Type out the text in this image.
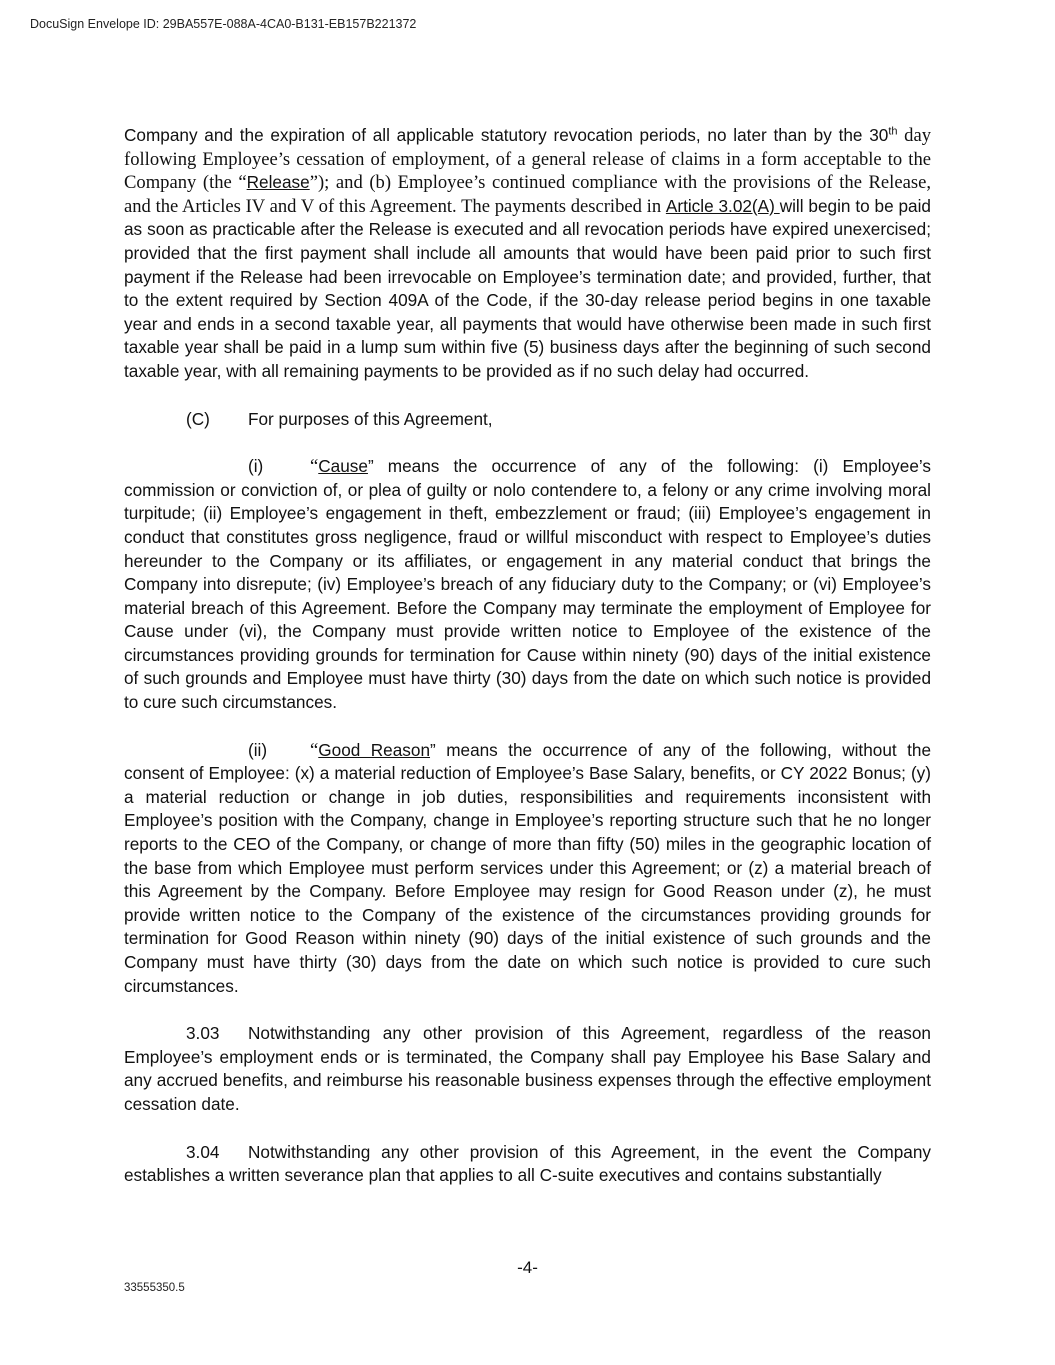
DocuSign Envelope ID: 29BA557E-088A-4CA0-B131-EB157B221372

Company and the expiration of all applicable statutory revocation periods, no later than by the 30th day following Employee’s cessation of employment, of a general release of claims in a form acceptable to the Company (the “Release”); and (b) Employee’s continued compliance with the provisions of the Release, and the Articles IV and V of this Agreement. The payments described in Article 3.02(A) will begin to be paid as soon as practicable after the Release is executed and all revocation periods have expired unexercised; provided that the first payment shall include all amounts that would have been paid prior to such first payment if the Release had been irrevocable on Employee’s termination date; and provided, further, that to the extent required by Section 409A of the Code, if the 30-day release period begins in one taxable year and ends in a second taxable year, all payments that would have otherwise been made in such first taxable year shall be paid in a lump sum within five (5) business days after the beginning of such second taxable year, with all remaining payments to be provided as if no such delay had occurred.

(C) For purposes of this Agreement,

(i)	“Cause” means the occurrence of any of the following: (i) Employee’s commission or conviction of, or plea of guilty or nolo contendere to, a felony or any crime involving moral turpitude; (ii) Employee’s engagement in theft, embezzlement or fraud; (iii) Employee’s engagement in conduct that constitutes gross negligence, fraud or willful misconduct with respect to Employee’s duties hereunder to the Company or its affiliates, or engagement in any material conduct that brings the Company into disrepute; (iv) Employee’s breach of any fiduciary duty to the Company; or (vi) Employee’s material breach of this Agreement. Before the Company may terminate the employment of Employee for Cause under (vi), the Company must provide written notice to Employee of the existence of the circumstances providing grounds for termination for Cause within ninety (90) days of the initial existence of such grounds and Employee must have thirty (30) days from the date on which such notice is provided to cure such circumstances.

(ii) “Good Reason” means the occurrence of any of the following, without the consent of Employee: (x) a material reduction of Employee’s Base Salary, benefits, or CY 2022 Bonus; (y) a material reduction or change in job duties, responsibilities and requirements inconsistent with Employee’s position with the Company, change in Employee’s reporting structure such that he no longer reports to the CEO of the Company, or change of more than fifty (50) miles in the geographic location of the base from which Employee must perform services under this Agreement; or (z) a material breach of this Agreement by the Company. Before Employee may resign for Good Reason under (z), he must provide written notice to the Company of the existence of the circumstances providing grounds for termination for Good Reason within ninety (90) days of the initial existence of such grounds and the Company must have thirty (30) days from the date on which such notice is provided to cure such circumstances.

3.03 Notwithstanding any other provision of this Agreement, regardless of the reason Employee’s employment ends or is terminated, the Company shall pay Employee his Base Salary and any accrued benefits, and reimburse his reasonable business expenses through the effective employment cessation date.

3.04 Notwithstanding any other provision of this Agreement, in the event the Company establishes a written severance plan that applies to all C-suite executives and contains substantially

-4-
33555350.5
